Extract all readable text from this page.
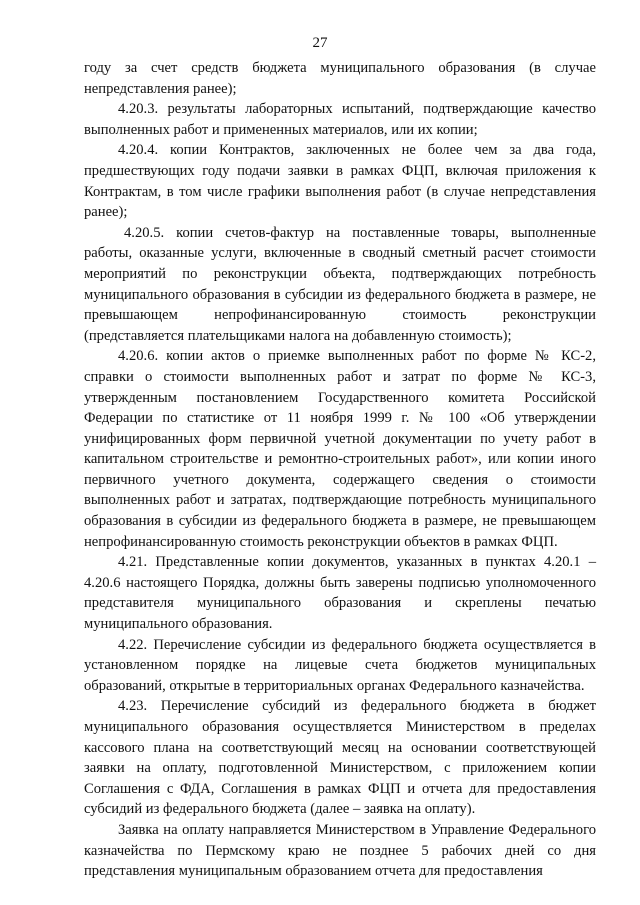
27

году за счет средств бюджета муниципального образования (в случае непредставления ранее);

4.20.3. результаты лабораторных испытаний, подтверждающие качество выполненных работ и примененных материалов, или их копии;

4.20.4. копии Контрактов, заключенных не более чем за два года, предшествующих году подачи заявки в рамках ФЦП, включая приложения к Контрактам, в том числе графики выполнения работ (в случае непредставления ранее);

4.20.5. копии счетов-фактур на поставленные товары, выполненные работы, оказанные услуги, включенные в сводный сметный расчет стоимости мероприятий по реконструкции объекта, подтверждающих потребность муниципального образования в субсидии из федерального бюджета в размере, не превышающем непрофинансированную стоимость реконструкции (представляется плательщиками налога на добавленную стоимость);

4.20.6. копии актов о приемке выполненных работ по форме № КС-2, справки о стоимости выполненных работ и затрат по форме № КС-3, утвержденным постановлением Государственного комитета Российской Федерации по статистике от 11 ноября 1999 г. № 100 «Об утверждении унифицированных форм первичной учетной документации по учету работ в капитальном строительстве и ремонтно-строительных работ», или копии иного первичного учетного документа, содержащего сведения о стоимости выполненных работ и затратах, подтверждающие потребность муниципального образования в субсидии из федерального бюджета в размере, не превышающем непрофинансированную стоимость реконструкции объектов в рамках ФЦП.

4.21. Представленные копии документов, указанных в пунктах 4.20.1 – 4.20.6 настоящего Порядка, должны быть заверены подписью уполномоченного представителя муниципального образования и скреплены печатью муниципального образования.

4.22. Перечисление субсидии из федерального бюджета осуществляется в установленном порядке на лицевые счета бюджетов муниципальных образований, открытые в территориальных органах Федерального казначейства.

4.23. Перечисление субсидий из федерального бюджета в бюджет муниципального образования осуществляется Министерством в пределах кассового плана на соответствующий месяц на основании соответствующей заявки на оплату, подготовленной Министерством, с приложением копии Соглашения с ФДА, Соглашения в рамках ФЦП и отчета для предоставления субсидий из федерального бюджета (далее – заявка на оплату).

Заявка на оплату направляется Министерством в Управление Федерального казначейства по Пермскому краю не позднее 5 рабочих дней со дня представления муниципальным образованием отчета для предоставления
